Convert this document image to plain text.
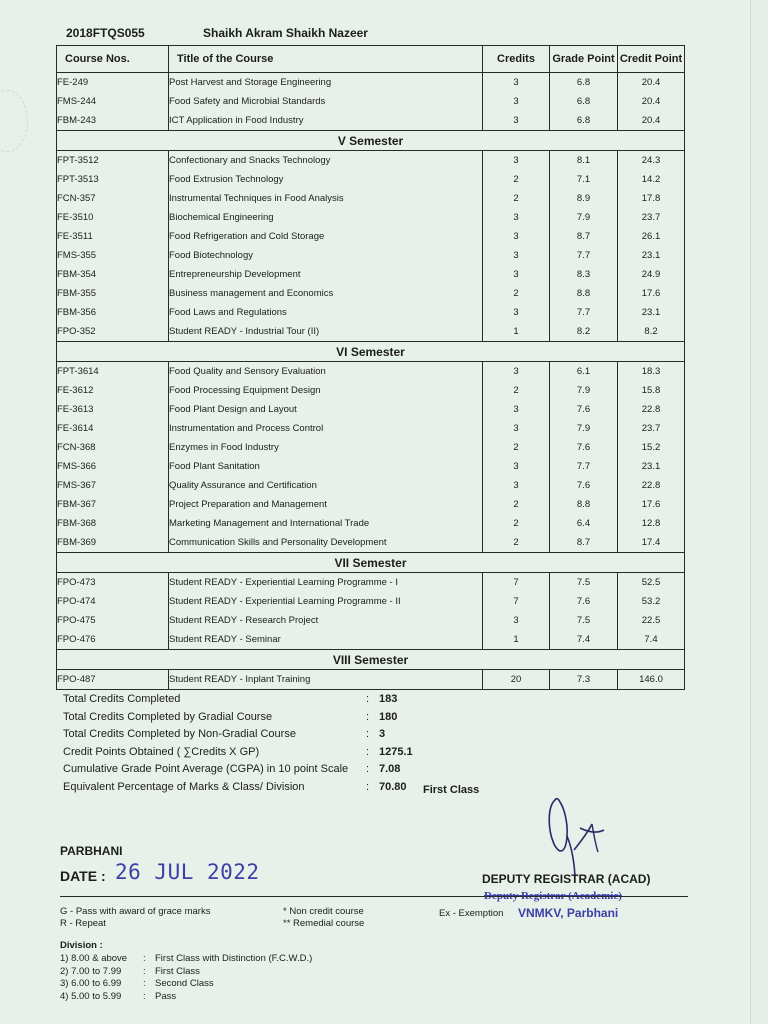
2018FTQS055	Shaikh Akram Shaikh Nazeer
Course Nos.	Title of the Course	Credits	Grade Point	Credit Point
FE-249	Post Harvest and Storage Engineering	3	6.8	20.4
FMS-244	Food Safety and Microbial Standards	3	6.8	20.4
FBM-243	ICT Application in Food Industry	3	6.8	20.4
V Semester				
FPT-3512	Confectionary and Snacks Technology	3	8.1	24.3
FPT-3513	Food Extrusion Technology	2	7.1	14.2
FCN-357	Instrumental Techniques in Food Analysis	2	8.9	17.8
FE-3510	Biochemical Engineering	3	7.9	23.7
FE-3511	Food Refrigeration and Cold Storage	3	8.7	26.1
FMS-355	Food Biotechnology	3	7.7	23.1
FBM-354	Entrepreneurship Development	3	8.3	24.9
FBM-355	Business management and Economics	2	8.8	17.6
FBM-356	Food Laws and Regulations	3	7.7	23.1
FPO-352	Student READY - Industrial Tour (II)	1	8.2	8.2
VI Semester				
FPT-3614	Food Quality and Sensory Evaluation	3	6.1	18.3
FE-3612	Food Processing Equipment Design	2	7.9	15.8
FE-3613	Food Plant Design and Layout	3	7.6	22.8
FE-3614	Instrumentation and Process Control	3	7.9	23.7
FCN-368	Enzymes in Food Industry	2	7.6	15.2
FMS-366	Food Plant Sanitation	3	7.7	23.1
FMS-367	Quality Assurance and Certification	3	7.6	22.8
FBM-367	Project Preparation and Management	2	8.8	17.6
FBM-368	Marketing Management and International Trade	2	6.4	12.8
FBM-369	Communication Skills and Personality Development	2	8.7	17.4
VII Semester				
FPO-473	Student READY - Experiential Learning Programme - I	7	7.5	52.5
FPO-474	Student READY - Experiential Learning Programme - II	7	7.6	53.2
FPO-475	Student READY - Research Project	3	7.5	22.5
FPO-476	Student READY - Seminar	1	7.4	7.4
VIII Semester				
FPO-487	Student READY - Inplant Training	20	7.3	146.0
Total Credits Completed	: 183
Total Credits Completed by Gradial Course	: 180
Total Credits Completed by Non-Gradial Course	: 3
Credit Points Obtained ( ∑Credits X GP)	: 1275.1
Cumulative Grade Point Average (CGPA) in 10 point Scale : 7.08
Equivalent Percentage of Marks & Class/ Division	: 70.80 First Class
PARBHANI
DATE : 26 JUL 2022	DEPUTY REGISTRAR (ACAD)
Deputy Registrar (Academic)
VNMKV, Parbhani
G - Pass with award of grace marks
R - Repeat
* Non credit course
** Remedial course
Ex - Exemption
Division :
1) 8.00 & above : First Class with Distinction (F.C.W.D.)
2) 7.00 to 7.99 : First Class
3) 6.00 to 6.99 : Second Class
4) 5.00 to 5.99 : Pass
